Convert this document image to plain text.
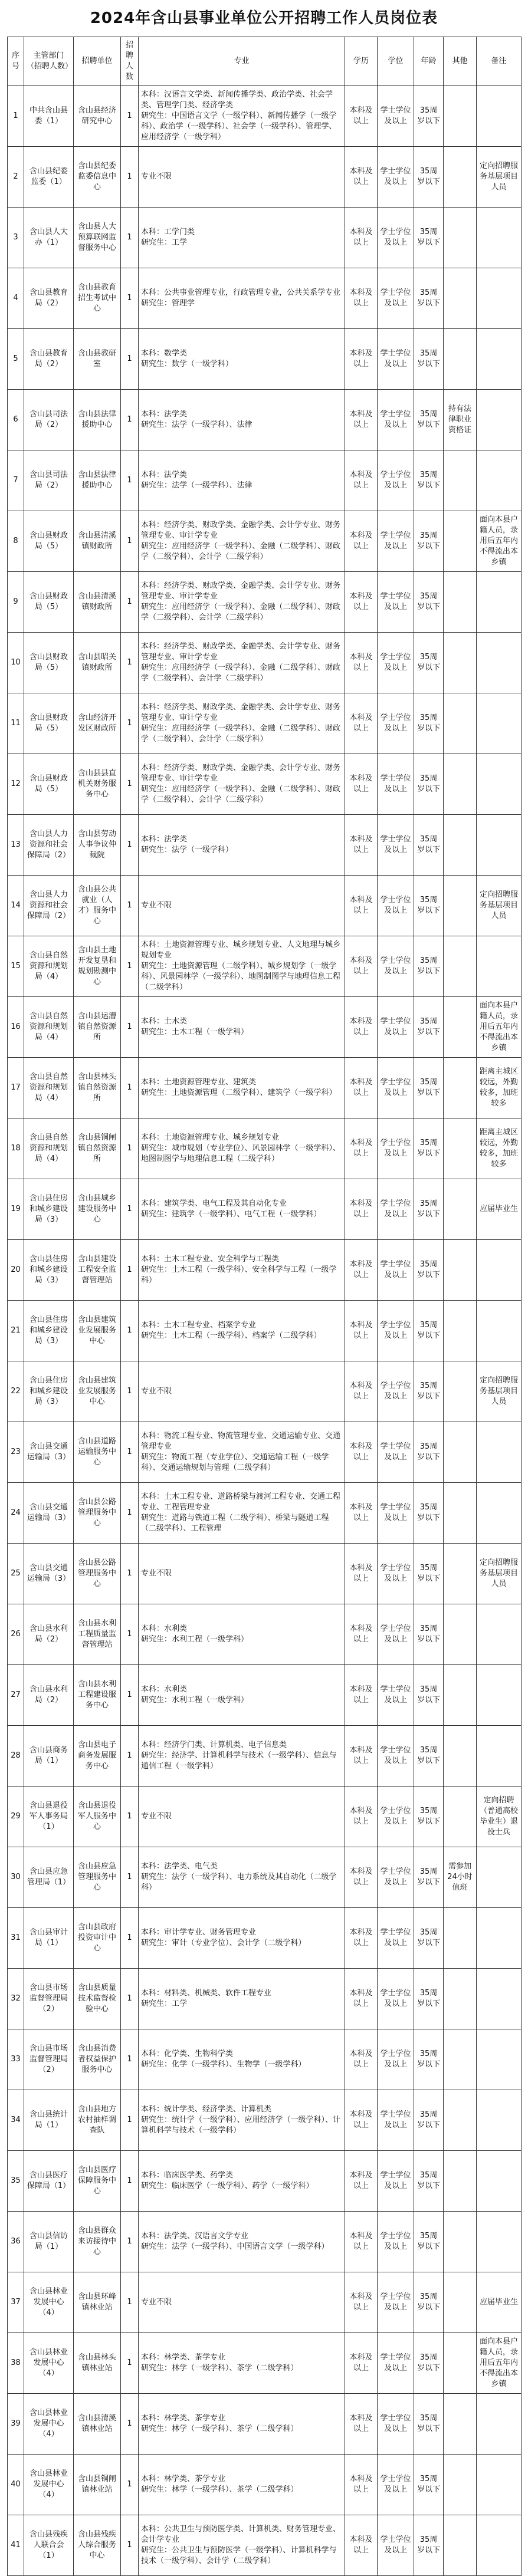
2024年含山县事业单位公开招聘工作人员岗位表
序号	主管部门（招聘人数）	招聘单位	招聘人数	专业	学历	学位	年龄	其他	备注
1	中共含山县委（1）	含山县经济研究中心	1	本科：汉语言文学类、新闻传播学类、政治学类、社会学类、管理学门类、经济学类
研究生：中国语言文学（一级学科）、新闻传播学（一级学科）、政治学（一级学科）、社会学（一级学科）、管理学、应用经济学（一级学科）	本科及以上	学士学位及以上	35周岁以下		
2	含山县纪委监委（1）	含山县纪委监委信息中心	1	专业不限	本科及以上	学士学位及以上	35周岁以下		定向招聘服务基层项目人员
3	含山县人大办（1）	含山县人大预算联网监督服务中心	1	本科：工学门类
研究生：工学	本科及以上	学士学位及以上	35周岁以下		
4	含山县教育局（2）	含山县教育招生考试中心	1	本科：公共事业管理专业，行政管理专业，公共关系学专业
研究生：管理学	本科及以上	学士学位及以上	35周岁以下		
5	含山县教育局（2）	含山县教研室	1	本科：数学类
研究生：数学（一级学科）	本科及以上	学士学位及以上	35周岁以下		
6	含山县司法局（2）	含山县法律援助中心	1	本科：法学类
研究生：法学（一级学科）、法律	本科及以上	学士学位及以上	35周岁以下	持有法律职业资格证	
7	含山县司法局（2）	含山县法律援助中心	1	本科：法学类
研究生：法学（一级学科）、法律	本科及以上	学士学位及以上	35周岁以下		
8	含山县财政局（5）	含山县清溪镇财政所	1	本科：经济学类、财政学类、金融学类、会计学专业、财务管理专业、审计学专业
研究生：应用经济学（一级学科）、金融（二级学科）、财政学（二级学科）、会计学（二级学科）	本科及以上	学士学位及以上	35周岁以下		面向本县户籍人员，录用后五年内不得流出本乡镇
9	含山县财政局（5）	含山县清溪镇财政所	1	本科：经济学类、财政学类、金融学类、会计学专业、财务管理专业、审计学专业
研究生：应用经济学（一级学科）、金融（二级学科）、财政学（二级学科）、会计学（二级学科）	本科及以上	学士学位及以上	35周岁以下		
10	含山县财政局（5）	含山县昭关镇财政所	1	本科：经济学类、财政学类、金融学类、会计学专业、财务管理专业、审计学专业
研究生：应用经济学（一级学科）、金融（二级学科）、财政学（二级学科）、会计学（二级学科）	本科及以上	学士学位及以上	35周岁以下		
11	含山县财政局（5）	含山经济开发区财政所	1	本科：经济学类、财政学类、金融学类、会计学专业、财务管理专业、审计学专业
研究生：应用经济学（一级学科）、金融（二级学科）、财政学（二级学科）、会计学（二级学科）	本科及以上	学士学位及以上	35周岁以下		
12	含山县财政局（5）	含山县县直机关财务服务中心	1	本科：经济学类、财政学类、金融学类、会计学专业、财务管理专业、审计学专业
研究生：应用经济学（一级学科）、金融（二级学科）、财政学（二级学科）、会计学（二级学科）	本科及以上	学士学位及以上	35周岁以下		
13	含山县人力资源和社会保障局（2）	含山县劳动人事争议仲裁院	1	本科：法学类
研究生：法学（一级学科）	本科及以上	学士学位及以上	35周岁以下		
14	含山县人力资源和社会保障局（2）	含山县公共就业（人才）服务中心	1	专业不限	本科及以上	学士学位及以上	35周岁以下		定向招聘服务基层项目人员
15	含山县自然资源和规划局（4）	含山县土地开发复垦和规划勘测中心	1	本科：土地资源管理专业、城乡规划专业、人文地理与城乡规划专业
研究生：土地资源管理（二级学科）、城乡规划学（一级学科）、风景园林学（一级学科）、地图制图学与地理信息工程（二级学科）	本科及以上	学士学位及以上	35周岁以下		
16	含山县自然资源和规划局（4）	含山县运漕镇自然资源所	1	本科：土木类
研究生：土木工程（一级学科）	本科及以上	学士学位及以上	35周岁以下		面向本县户籍人员，录用后五年内不得流出本乡镇
17	含山县自然资源和规划局（4）	含山县林头镇自然资源所	1	本科：土地资源管理专业、建筑类
研究生：土地资源管理（二级学科）、建筑学（一级学科）	本科及以上	学士学位及以上	35周岁以下		距离主城区较远，外勤较多，加班较多
18	含山县自然资源和规划局（4）	含山县铜闸镇自然资源所	1	本科：土地资源管理专业、城乡规划专业
研究生：城市规划（专业学位）、风景园林学（一级学科）、地图制图学与地理信息工程（二级学科）	本科及以上	学士学位及以上	35周岁以下		距离主城区较远，外勤较多，加班较多
19	含山县住房和城乡建设局（3）	含山县城乡建设服务中心	1	本科：建筑学类、电气工程及其自动化专业
研究生：建筑学（一级学科）、电气工程（一级学科）	本科及以上	学士学位及以上	35周岁以下		应届毕业生
20	含山县住房和城乡建设局（3）	含山县建设工程安全监督管理站	1	本科：土木工程专业、安全科学与工程类
研究生：土木工程（一级学科）、安全科学与工程（一级学科）	本科及以上	学士学位及以上	35周岁以下		
21	含山县住房和城乡建设局（3）	含山县建筑业发展服务中心	1	本科：土木工程专业、档案学专业
研究生：土木工程（一级学科）、档案学（二级学科）	本科及以上	学士学位及以上	35周岁以下		
22	含山县住房和城乡建设局（3）	含山县建筑业发展服务中心	1	专业不限	本科及以上	学士学位及以上	35周岁以下		定向招聘服务基层项目人员
23	含山县交通运输局（3）	含山县道路运输服务中心	1	本科：物流工程专业、物流管理专业、交通运输专业、交通管理专业
研究生：物流工程（专业学位）、交通运输工程（一级学科）、交通运输规划与管理（二级学科）	本科及以上	学士学位及以上	35周岁以下		
24	含山县交通运输局（3）	含山县公路管理服务中心	1	本科：土木工程专业、道路桥梁与渡河工程专业、交通工程专业、工程管理专业
研究生：道路与铁道工程（二级学科）、桥梁与隧道工程（二级学科）、工程管理	本科及以上	学士学位及以上	35周岁以下		
25	含山县交通运输局（3）	含山县公路管理服务中心	1	专业不限	本科及以上	学士学位及以上	35周岁以下		定向招聘服务基层项目人员
26	含山县水利局（2）	含山县水利工程质量监督管理站	1	本科：水利类
研究生：水利工程（一级学科）	本科及以上	学士学位及以上	35周岁以下		
27	含山县水利局（2）	含山县水利工程建设服务中心	1	本科：水利类
研究生：水利工程（一级学科）	本科及以上	学士学位及以上	35周岁以下		
28	含山县商务局（1）	含山县电子商务发展服务中心	1	本科：经济学门类、计算机类、电子信息类
研究生：经济学、计算机科学与技术（一级学科）、信息与通信工程（一级学科）	本科及以上	学士学位及以上	35周岁以下		
29	含山县退役军人事务局（1）	含山县退役军人服务中心	1	专业不限	本科及以上	学士学位及以上	35周岁以下		定向招聘（普通高校毕业生）退役士兵
30	含山县应急管理局（1）	含山县应急管理服务中心	1	本科：法学类、电气类
研究生：法学（一级学科）、电力系统及其自动化（二级学科）	本科及以上	学士学位及以上	35周岁以下	需参加24小时值班	
31	含山县审计局（1）	含山县政府投资审计中心	1	本科：审计学专业、财务管理专业
研究生：审计（专业学位）、会计学（二级学科）	本科及以上	学士学位及以上	35周岁以下		
32	含山县市场监督管理局（2）	含山县质量技术监督检验中心	1	本科：材料类、机械类、软件工程专业
研究生：工学	本科及以上	学士学位及以上	35周岁以下		
33	含山县市场监督管理局（2）	含山县消费者权益保护服务中心	1	本科：化学类、生物科学类
研究生：化学（一级学科）、生物学（一级学科）	本科及以上	学士学位及以上	35周岁以下		
34	含山县统计局（1）	含山县地方农村抽样调查队	1	本科：统计学类、经济学类、计算机类
研究生：统计学（一级学科）、应用经济学（一级学科）、计算机科学与技术（一级学科）	本科及以上	学士学位及以上	35周岁以下		
35	含山县医疗保障局（1）	含山县医疗保障服务中心	1	本科：临床医学类、药学类
研究生：临床医学（一级学科）、药学（一级学科）	本科及以上	学士学位及以上	35周岁以下		
36	含山县信访局（1）	含山县群众来访接待中心	1	本科：法学类、汉语言文学专业
研究生：法学（一级学科）、中国语言文学（一级学科）	本科及以上	学士学位及以上	35周岁以下		
37	含山县林业发展中心（4）	含山县环峰镇林业站	1	专业不限	本科及以上	学士学位及以上	35周岁以下		应届毕业生
38	含山县林业发展中心（4）	含山县林头镇林业站	1	本科：林学类、茶学专业
研究生：林学（一级学科）、茶学（二级学科）	本科及以上	学士学位及以上	35周岁以下		面向本县户籍人员，录用后五年内不得流出本乡镇
39	含山县林业发展中心（4）	含山县清溪镇林业站	1	本科：林学类、茶学专业
研究生：林学（一级学科）、茶学（二级学科）	本科及以上	学士学位及以上	35周岁以下		
40	含山县林业发展中心（4）	含山县铜闸镇林业站	1	本科：林学类、茶学专业
研究生：林学（一级学科）、茶学（二级学科）	本科及以上	学士学位及以上	35周岁以下		
41	含山县残疾人联合会（1）	含山县残疾人综合服务中心	1	本科：公共卫生与预防医学类、计算机类、财务管理专业、会计学专业
研究生：公共卫生与预防医学（一级学科）、计算机科学与技术（一级学科）、会计学（二级学科）	本科及以上	学士学位及以上	35周岁以下		
